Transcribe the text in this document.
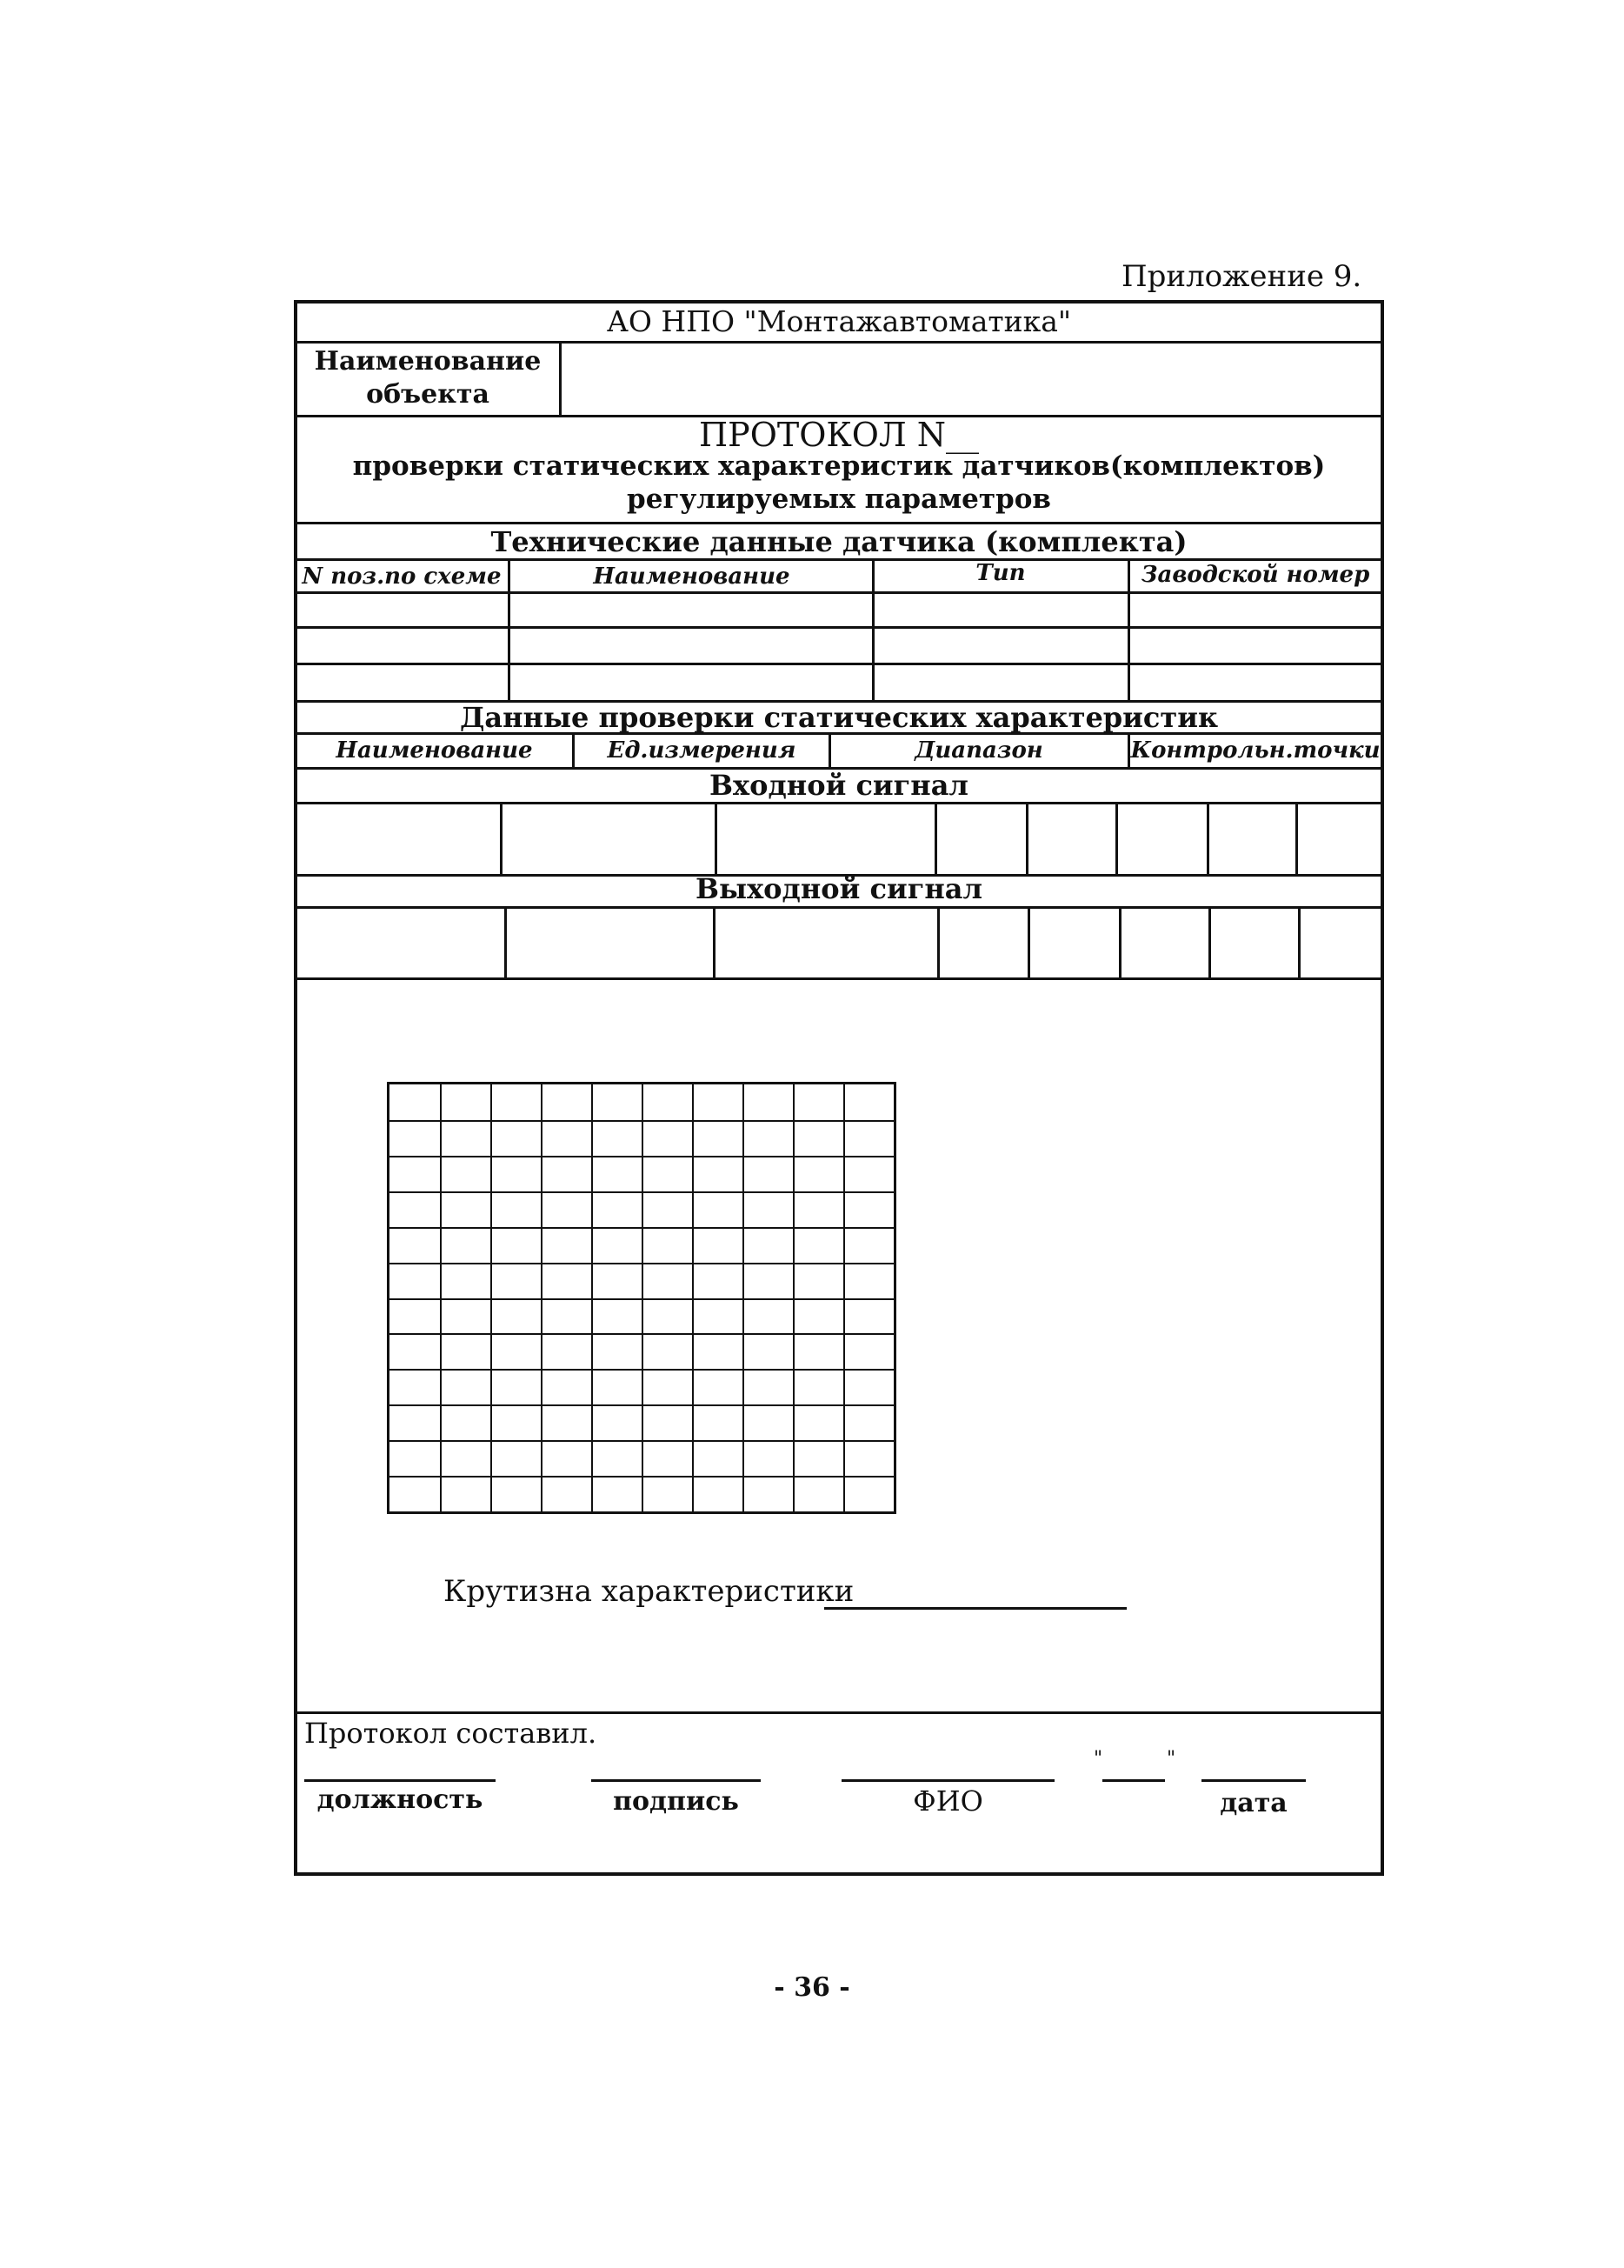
Приложение 9.
АО НПО "Монтажавтоматика"
Наименование
объекта
ПРОТОКОЛ N__
проверки статических характеристик датчиков(комплектов)
регулируемых параметров
Технические данные датчика (комплекта)
N поз.по схеме	Наименование	Тип	Заводской номер
Данные проверки статических характеристик
Наименование	Ед.измерения	Диапазон	Контрольн.точки
Входной сигнал
Выходной сигнал
Крутизна характеристики
Протокол составил.
"	"
должность	подпись	ФИО	дата
- 36 -
